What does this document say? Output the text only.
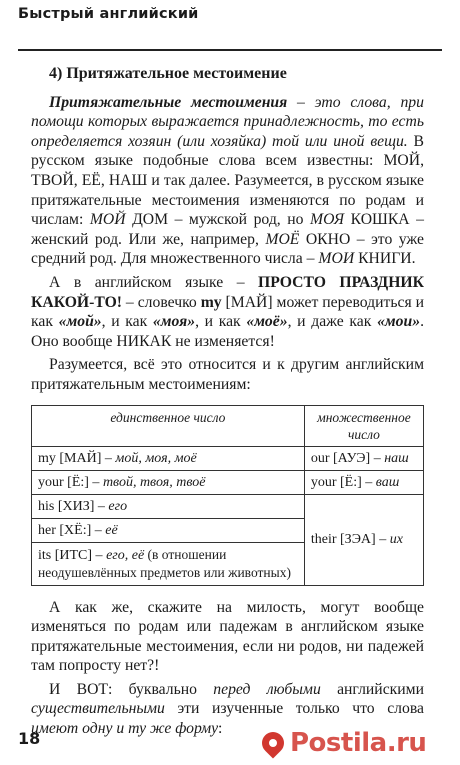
Быстрый английский
4) Притяжательное местоимение

Притяжательные местоимения – это слова, при помощи которых выражается принадлежность, то есть определяется хозяин (или хозяйка) той или иной вещи. В русском языке подобные слова всем известны: МОЙ, ТВОЙ, ЕЁ, НАШ и так далее. Разумеется, в русском языке притяжательные местоимения изменяются по родам и числам: МОЙ ДОМ – мужской род, но МОЯ КОШКА – женский род. Или же, например, МОЁ ОКНО – это уже средний род. Для множественного числа – МОИ КНИГИ.

А в английском языке – ПРОСТО ПРАЗДНИК КАКОЙ-ТО! – словечко my [МАЙ] может переводиться и как «мой», и как «моя», и как «моё», и даже как «мои». Оно вообще НИКАК не изменяется!

Разумеется, всё это относится и к другим английским притяжательным местоимениям:

единственное число	множественное число
my [МАЙ] – мой, моя, моё	our [АУЭ] – наш
your [Ё:] – твой, твоя, твоё	your [Ё:] – ваш
his [ХИЗ] – его	their [ЗЭА] – их
her [ХЁ:] – её	
its [ИТС] – его, её (в отношении неодушевлённых предметов или животных)	

А как же, скажите на милость, могут вообще изменяться по родам или падежам в английском языке притяжательные местоимения, если ни родов, ни падежей там попросту нет?!

И ВОТ: буквально перед любыми английскими существительными эти изученные только что слова имеют одну и ту же форму:

18	Postila.ru
